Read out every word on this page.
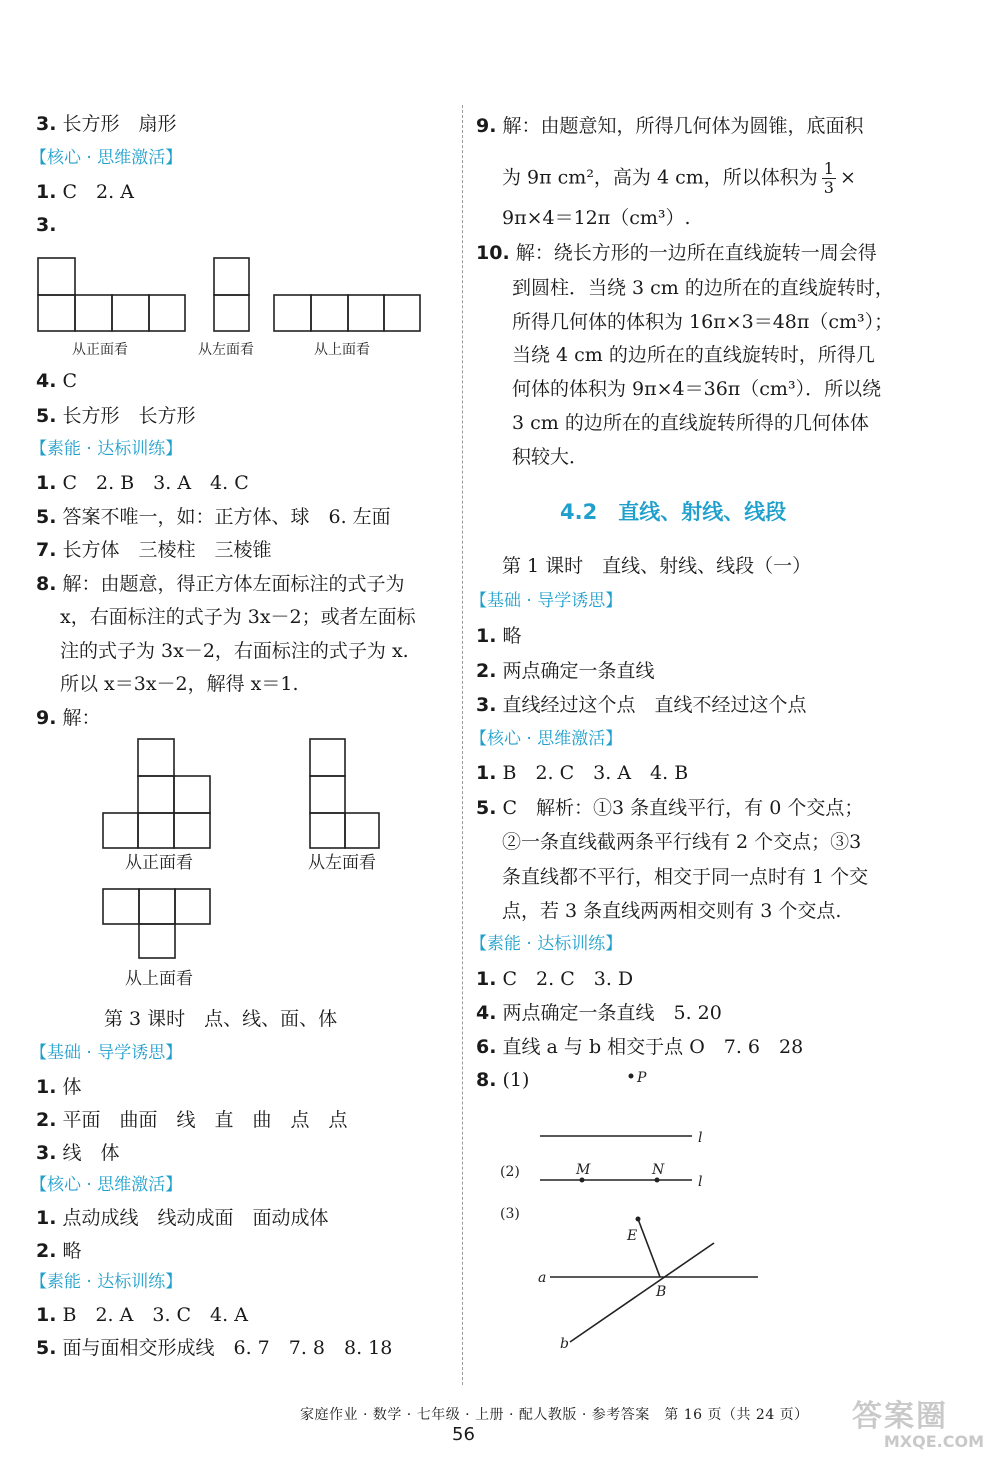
3. 长方形　扇形
【核心 · 思维激活】
1. C　2. A
3.
从正面看	从左面看	从上面看
4. C
5. 长方形　长方形
【素能 · 达标训练】
1. C　2. B　3. A　4. C
5. 答案不唯一，如：正方体、球　6. 左面
7. 长方体　三棱柱　三棱锥
8. 解：由题意，得正方体左面标注的式子为
x，右面标注的式子为 3x－2；或者左面标
注的式子为 3x－2，右面标注的式子为 x.
所以 x＝3x－2，解得 x＝1.
9. 解：
从正面看	从左面看
从上面看
第 3 课时　点、线、面、体
【基础 · 导学诱思】
1. 体
2. 平面　曲面　线　直　曲　点　点
3. 线　体
【核心 · 思维激活】
1. 点动成线　线动成面　面动成体
2. 略
【素能 · 达标训练】
1. B　2. A　3. C　4. A
5. 面与面相交形成线　6. 7　7. 8　8. 18
9. 解：由题意知，所得几何体为圆锥，底面积
为 9π cm²，高为 4 cm，所以体积为 $\frac{1}{3}$ ×
9π×4＝12π（cm³）.
10. 解：绕长方形的一边所在直线旋转一周会得
到圆柱．当绕 3 cm 的边所在的直线旋转时，
所得几何体的体积为 16π×3＝48π（cm³）；
当绕 4 cm 的边所在的直线旋转时，所得几
何体的体积为 9π×4＝36π（cm³）．所以绕
3 cm 的边所在的直线旋转所得的几何体体
积较大．
4.2　直线、射线、线段
第 1 课时　直线、射线、线段（一）
【基础 · 导学诱思】
1. 略
2. 两点确定一条直线
3. 直线经过这个点　直线不经过这个点
【核心 · 思维激活】
1. B　2. C　3. A　4. B
5. C　解析：①3 条直线平行，有 0 个交点；
②一条直线截两条平行线有 2 个交点；③3
条直线都不平行，相交于同一点时有 1 个交
点，若 3 条直线两两相交则有 3 个交点.
【素能 · 达标训练】
1. C　2. C　3. D
4. 两点确定一条直线　5. 20
6. 直线 a 与 b 相交于点 O　7. 6　28
8. (1)	P
l
(2)	M	N
l
(3)
E
a
B
b
家庭作业 · 数学 · 七年级 · 上册 · 配人教版 · 参考答案　第 16 页（共 24 页）
56
答案圈
MXQE.COM
